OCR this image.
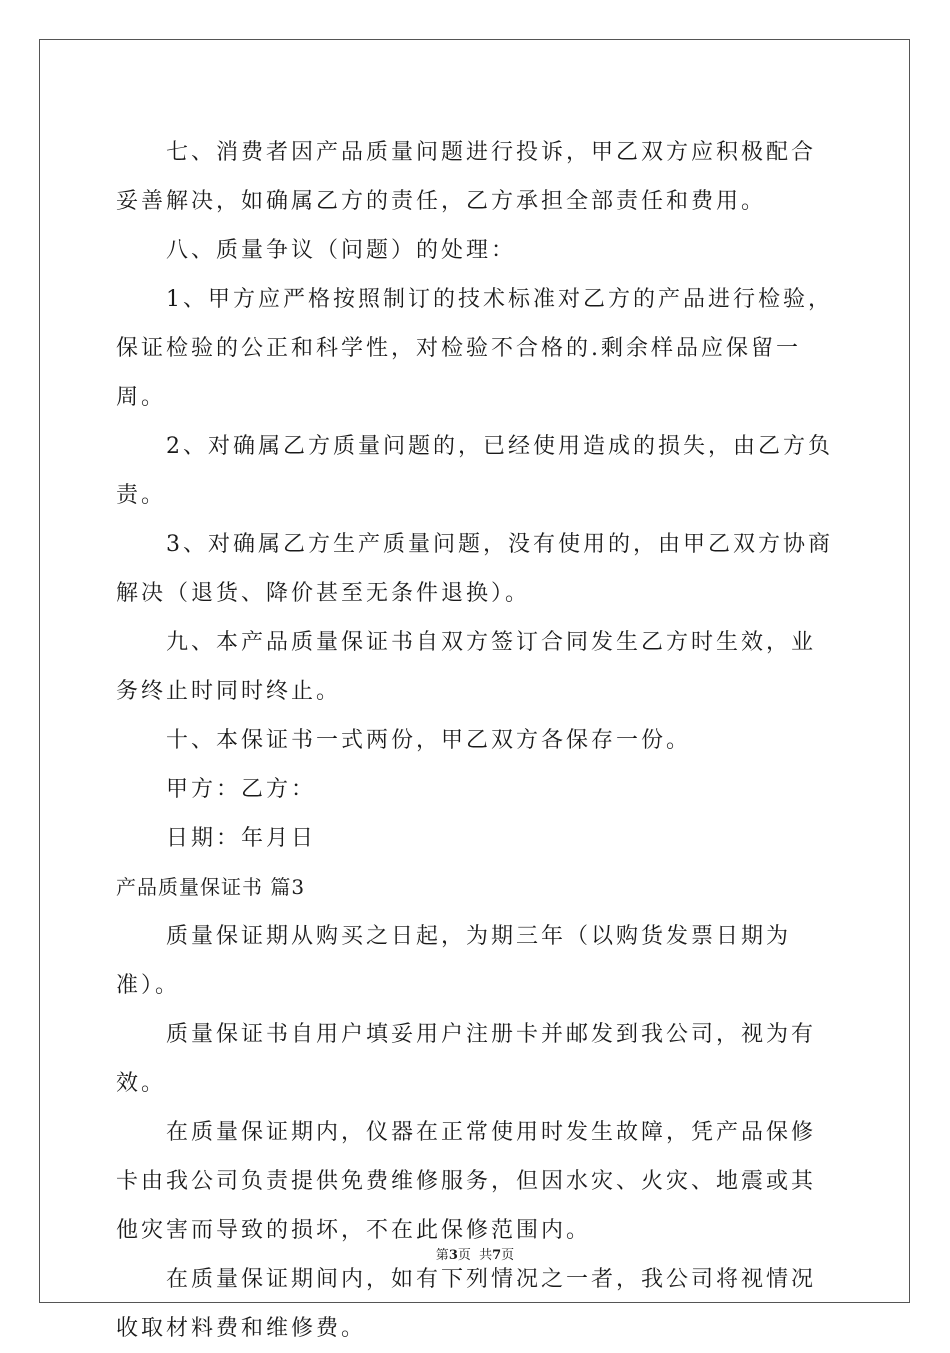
七、消费者因产品质量问题进行投诉，甲乙双方应积极配合妥善解决，如确属乙方的责任，乙方承担全部责任和费用。

八、质量争议（问题）的处理：

1、甲方应严格按照制订的技术标准对乙方的产品进行检验，保证检验的公正和科学性，对检验不合格的.剩余样品应保留一周。

2、对确属乙方质量问题的，已经使用造成的损失，由乙方负责。

3、对确属乙方生产质量问题，没有使用的，由甲乙双方协商解决（退货、降价甚至无条件退换）。

九、本产品质量保证书自双方签订合同发生乙方时生效，业务终止时同时终止。

十、本保证书一式两份，甲乙双方各保存一份。

甲方：乙方：

日期：年月日

产品质量保证书 篇3

质量保证期从购买之日起，为期三年（以购货发票日期为准）。

质量保证书自用户填妥用户注册卡并邮发到我公司，视为有效。

在质量保证期内，仪器在正常使用时发生故障，凭产品保修卡由我公司负责提供免费维修服务，但因水灾、火灾、地震或其他灾害而导致的损坏，不在此保修范围内。

在质量保证期间内，如有下列情况之一者，我公司将视情况收取材料费和维修费。

第3页  共7页
